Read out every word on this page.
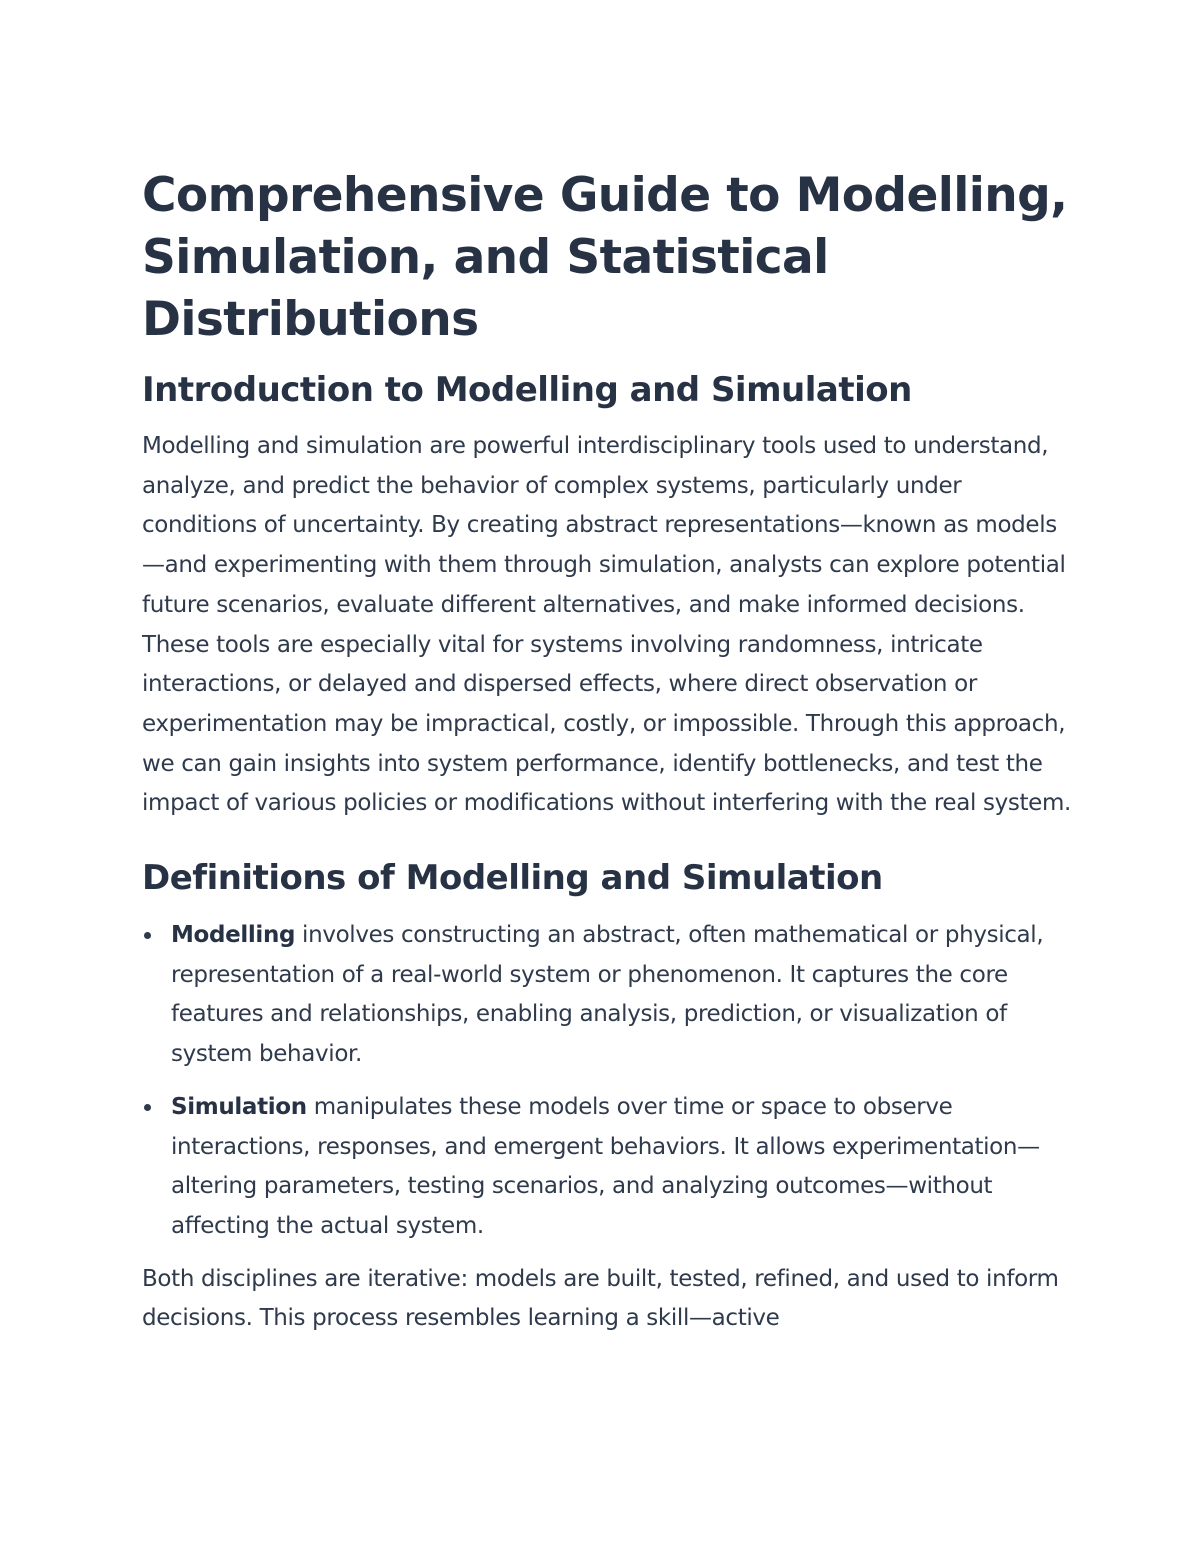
Comprehensive Guide to Modelling, Simulation, and Statistical Distributions
Introduction to Modelling and Simulation

Modelling and simulation are powerful interdisciplinary tools used to understand, analyze, and predict the behavior of complex systems, particularly under conditions of uncertainty. By creating abstract representations—known as models—and experimenting with them through simulation, analysts can explore potential future scenarios, evaluate different alternatives, and make informed decisions. These tools are especially vital for systems involving randomness, intricate interactions, or delayed and dispersed effects, where direct observation or experimentation may be impractical, costly, or impossible. Through this approach, we can gain insights into system performance, identify bottlenecks, and test the impact of various policies or modifications without interfering with the real system.

Definitions of Modelling and Simulation
Modelling involves constructing an abstract, often mathematical or physical, representation of a real-world system or phenomenon. It captures the core features and relationships, enabling analysis, prediction, or visualization of system behavior.
Simulation manipulates these models over time or space to observe interactions, responses, and emergent behaviors. It allows experimentation—altering parameters, testing scenarios, and analyzing outcomes—without affecting the actual system.

Both disciplines are iterative: models are built, tested, refined, and used to inform decisions. This process resembles learning a skill—active
